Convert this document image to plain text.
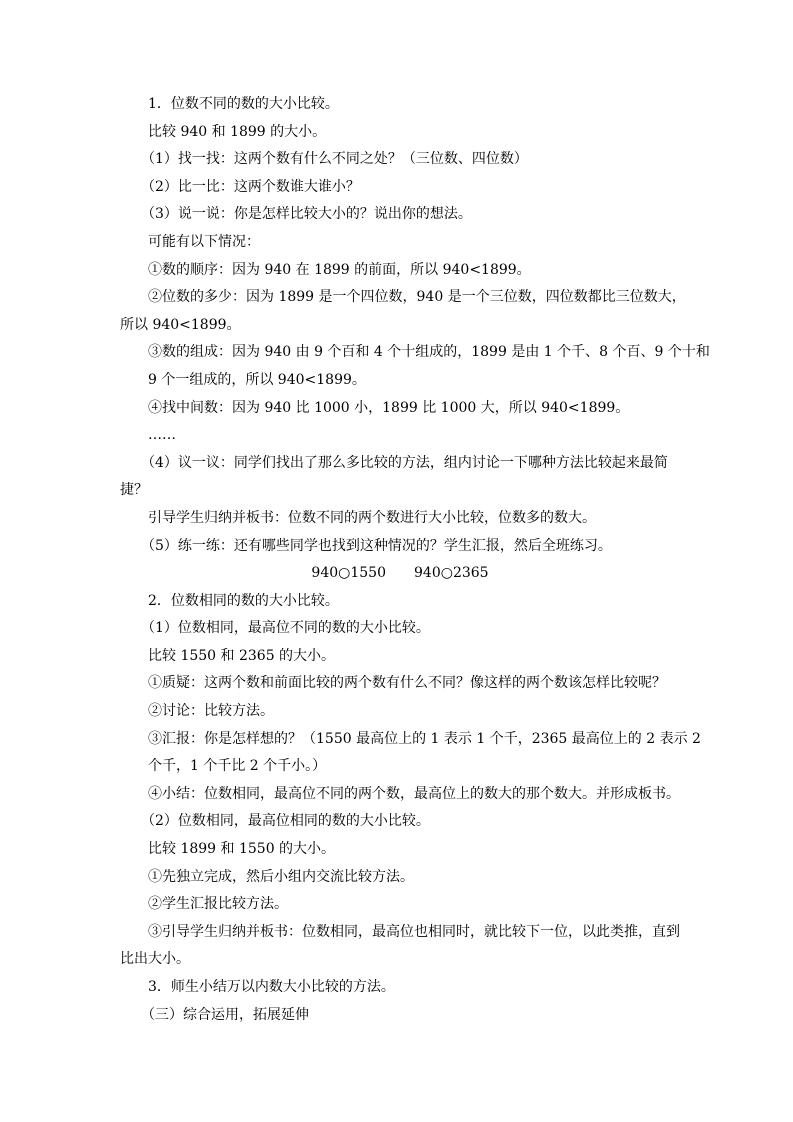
1．位数不同的数的大小比较。

比较 940 和 1899 的大小。

（1）找一找：这两个数有什么不同之处？（三位数、四位数）

（2）比一比：这两个数谁大谁小？

（3）说一说：你是怎样比较大小的？说出你的想法。

可能有以下情况：

①数的顺序：因为 940 在 1899 的前面，所以 940<1899。

②位数的多少：因为 1899 是一个四位数，940 是一个三位数，四位数都比三位数大，

所以 940<1899。

③数的组成：因为 940 由 9 个百和 4 个十组成的，1899 是由 1 个千、8 个百、9 个十和

9 个一组成的，所以 940<1899。

④找中间数：因为 940 比 1000 小，1899 比 1000 大，所以 940<1899。

……

（4）议一议：同学们找出了那么多比较的方法，组内讨论一下哪种方法比较起来最简

捷？

引导学生归纳并板书：位数不同的两个数进行大小比较，位数多的数大。

（5）练一练：还有哪些同学也找到这种情况的？学生汇报，然后全班练习。

940○1550 940○2365

2．位数相同的数的大小比较。

（1）位数相同，最高位不同的数的大小比较。

比较 1550 和 2365 的大小。

①质疑：这两个数和前面比较的两个数有什么不同？像这样的两个数该怎样比较呢？

②讨论：比较方法。

③汇报：你是怎样想的？（1550 最高位上的 1 表示 1 个千，2365 最高位上的 2 表示 2

个千，1 个千比 2 个千小。）

④小结：位数相同，最高位不同的两个数，最高位上的数大的那个数大。并形成板书。

（2）位数相同，最高位相同的数的大小比较。

比较 1899 和 1550 的大小。

①先独立完成，然后小组内交流比较方法。

②学生汇报比较方法。

③引导学生归纳并板书：位数相同，最高位也相同时，就比较下一位，以此类推，直到

比出大小。

3．师生小结万以内数大小比较的方法。

（三）综合运用，拓展延伸
